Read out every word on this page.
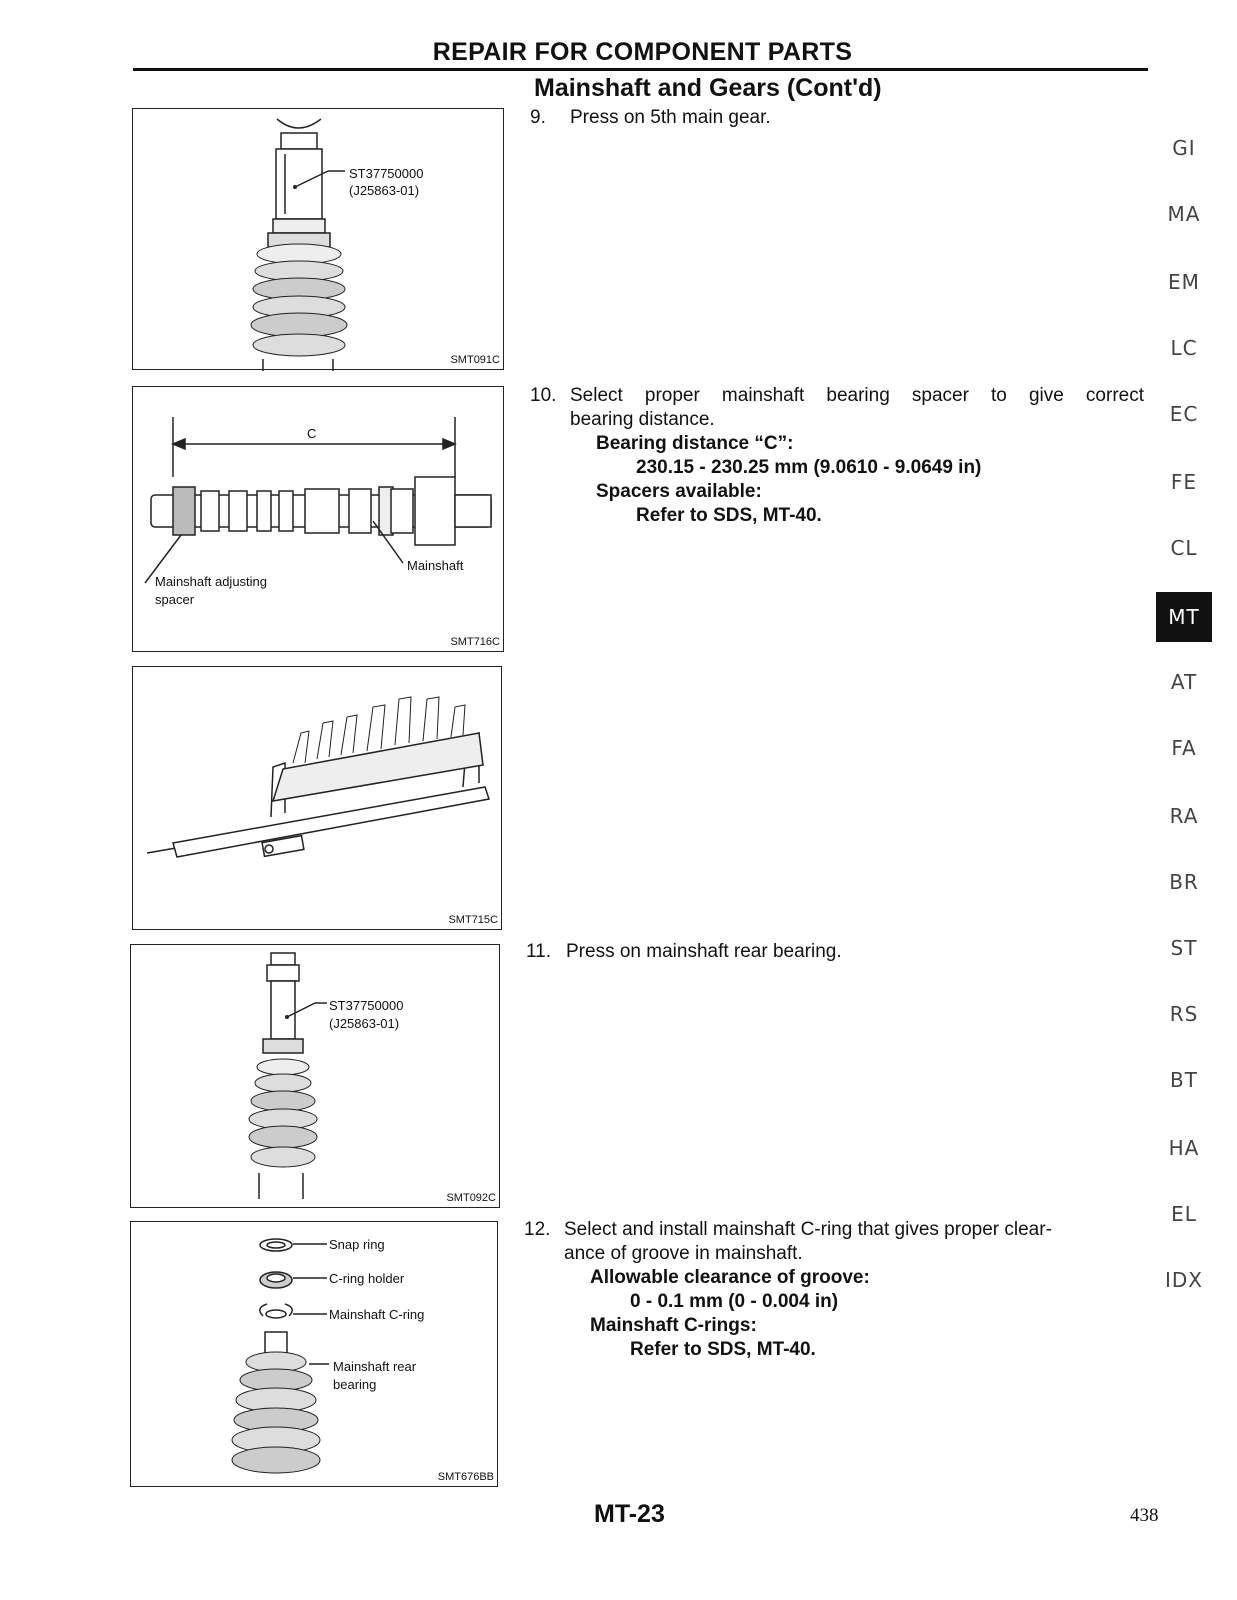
REPAIR FOR COMPONENT PARTS
Mainshaft and Gears (Cont'd)
ST37750000
(J25863-01)
SMT091C
C
Mainshaft
Mainshaft adjusting
spacer
SMT716C
SMT715C
ST37750000
(J25863-01)
SMT092C
Snap ring
C-ring holder
Mainshaft C-ring
Mainshaft rear
bearing
SMT676BB
9. Press on 5th main gear.
10. Select proper mainshaft bearing spacer to give correct
bearing distance.
Bearing distance “C”:
230.15 - 230.25 mm (9.0610 - 9.0649 in)
Spacers available:
Refer to SDS, MT-40.
11. Press on mainshaft rear bearing.
12. Select and install mainshaft C-ring that gives proper clear-
ance of groove in mainshaft.
Allowable clearance of groove:
0 - 0.1 mm (0 - 0.004 in)
Mainshaft C-rings:
Refer to SDS, MT-40.
GI
MA
EM
LC
EC
FE
CL
MT
AT
FA
RA
BR
ST
RS
BT
HA
EL
IDX
MT-23	438
